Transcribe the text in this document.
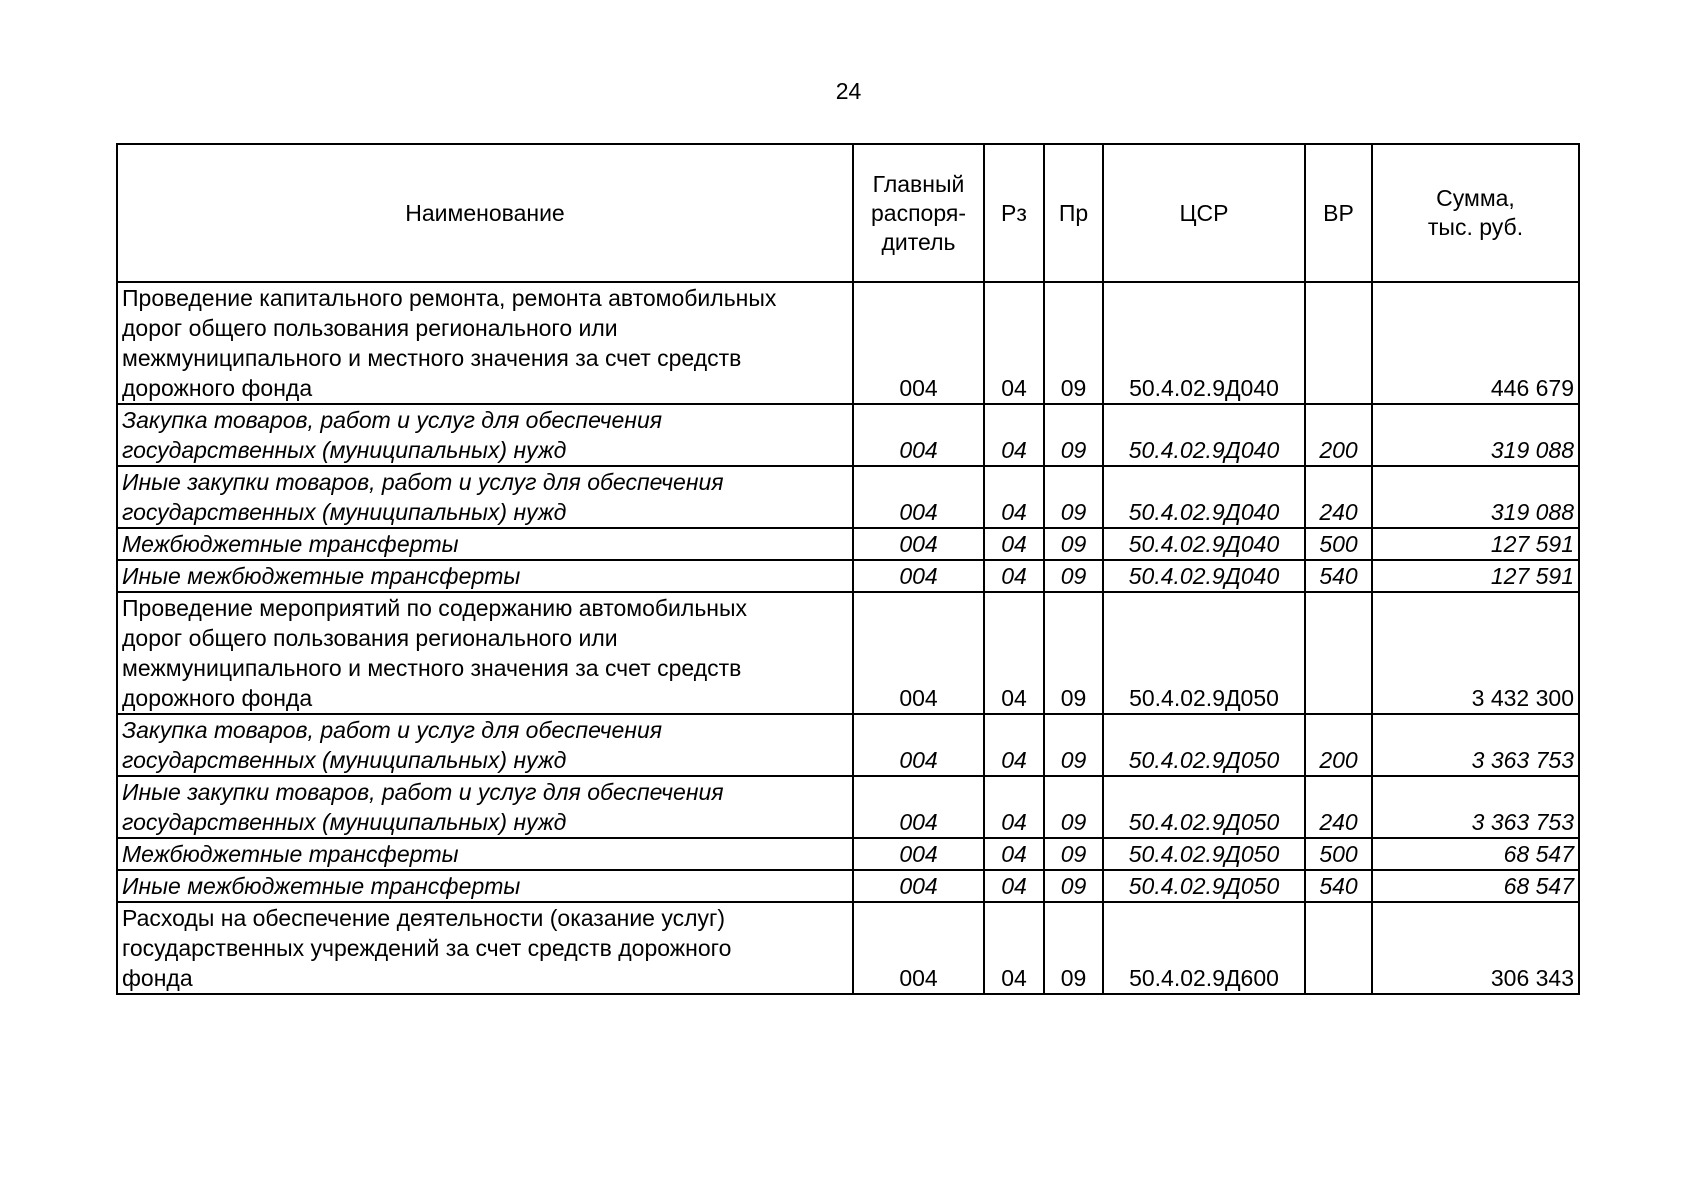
24
Наименование	Главный
распоря-
дитель	Рз	Пр	ЦСР	ВР	Сумма,
тыс. руб.
Проведение капитального ремонта, ремонта автомобильных
дорог общего пользования регионального или
межмуниципального и местного значения за счет средств
дорожного фонда	004	04	09	50.4.02.9Д040		446 679
Закупка товаров, работ и услуг для обеспечения
государственных (муниципальных) нужд	004	04	09	50.4.02.9Д040	200	319 088
Иные закупки товаров, работ и услуг для обеспечения
государственных (муниципальных) нужд	004	04	09	50.4.02.9Д040	240	319 088
Межбюджетные трансферты	004	04	09	50.4.02.9Д040	500	127 591
Иные межбюджетные трансферты	004	04	09	50.4.02.9Д040	540	127 591
Проведение мероприятий по содержанию автомобильных
дорог общего пользования регионального или
межмуниципального и местного значения за счет средств
дорожного фонда	004	04	09	50.4.02.9Д050		3 432 300
Закупка товаров, работ и услуг для обеспечения
государственных (муниципальных) нужд	004	04	09	50.4.02.9Д050	200	3 363 753
Иные закупки товаров, работ и услуг для обеспечения
государственных (муниципальных) нужд	004	04	09	50.4.02.9Д050	240	3 363 753
Межбюджетные трансферты	004	04	09	50.4.02.9Д050	500	68 547
Иные межбюджетные трансферты	004	04	09	50.4.02.9Д050	540	68 547
Расходы на обеспечение деятельности (оказание услуг)
государственных учреждений за счет средств дорожного
фонда	004	04	09	50.4.02.9Д600		306 343
